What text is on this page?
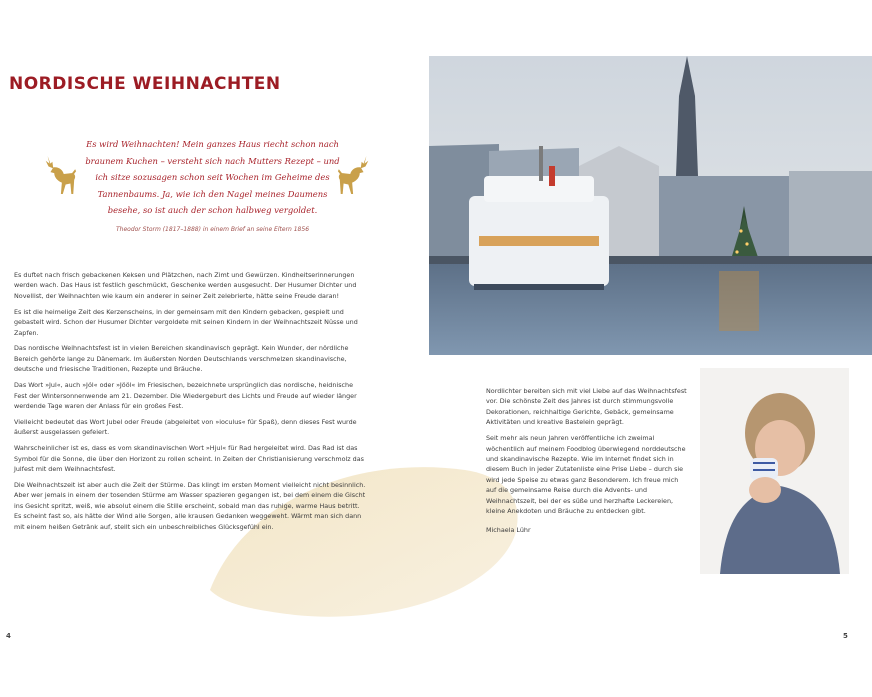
NORDISCHE WEIHNACHTEN

Es wird Weihnachten! Mein ganzes Haus riecht schon nach braunem Kuchen – versteht sich nach Mutters Rezept – und ich sitze sozusagen schon seit Wochen im Geheime des Tannenbaums. Ja, wie ich den Nagel meines Daumens besehe, so ist auch der schon halbweg vergoldet.

Theodor Storm (1817–1888) in einem Brief an seine Eltern 1856

Es duftet nach frisch gebackenen Keksen und Plätzchen, nach Zimt und Gewürzen. Kindheitserinnerungen werden wach. Das Haus ist festlich geschmückt, Geschenke werden ausgesucht. Der Husumer Dichter und Novellist, der Weihnachten wie kaum ein anderer in seiner Zeit zelebrierte, hätte seine Freude daran!

Es ist die heimelige Zeit des Kerzenscheins, in der gemeinsam mit den Kindern gebacken, gespielt und gebastelt wird. Schon der Husumer Dichter vergoldete mit seinen Kindern in der Weihnachtszeit Nüsse und Zapfen.

Das nordische Weihnachtsfest ist in vielen Bereichen skandinavisch geprägt. Kein Wunder, der nördliche Bereich gehörte lange zu Dänemark. Im äußersten Norden Deutschlands verschmelzen skandinavische, deutsche und friesische Traditionen, Rezepte und Bräuche.

Das Wort »Jul«, auch »Jól« oder »Jööl« im Friesischen, bezeichnete ursprünglich das nordische, heidnische Fest der Wintersonnenwende am 21. Dezember. Die Wiedergeburt des Lichts und Freude auf wieder länger werdende Tage waren der Anlass für ein großes Fest.

Vielleicht bedeutet das Wort Jubel oder Freude (abgeleitet von »ioculus« für Spaß), denn dieses Fest wurde äußerst ausgelassen gefeiert.

Wahrscheinlicher ist es, dass es vom skandinavischen Wort »Hjul« für Rad hergeleitet wird. Das Rad ist das Symbol für die Sonne, die über den Horizont zu rollen scheint. In Zeiten der Christianisierung verschmolz das Julfest mit dem Weihnachtsfest.

Die Weihnachtszeit ist aber auch die Zeit der Stürme. Das klingt im ersten Moment vielleicht nicht besinnlich. Aber wer jemals in einem der tosenden Stürme am Wasser spazieren gegangen ist, bei dem einem die Gischt ins Gesicht spritzt, weiß, wie absolut einem die Stille erscheint, sobald man das ruhige, warme Haus betritt. Es scheint fast so, als hätte der Wind alle Sorgen, alle krausen Gedanken weggeweht. Wärmt man sich dann mit einem heißen Getränk auf, stellt sich ein unbeschreibliches Glücksgefühl ein.

4

Nordlichter bereiten sich mit viel Liebe auf das Weihnachtsfest vor. Die schönste Zeit des Jahres ist durch stimmungsvolle Dekorationen, reichhaltige Gerichte, Gebäck, gemeinsame Aktivitäten und kreative Bastelein geprägt.

Seit mehr als neun Jahren veröffentliche ich zweimal wöchentlich auf meinem Foodblog überwiegend norddeutsche und skandinavische Rezepte. Wie im Internet findet sich in diesem Buch in jeder Zutatenliste eine Prise Liebe – durch sie wird jede Speise zu etwas ganz Besonderem. Ich freue mich auf die gemeinsame Reise durch die Advents- und Weihnachtszeit, bei der es süße und herzhafte Leckereien, kleine Anekdoten und Bräuche zu entdecken gibt.

Michaela Lühr

5
